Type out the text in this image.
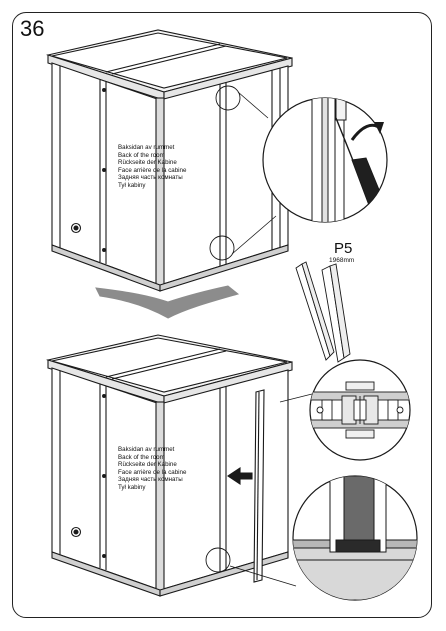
36
Baksidan av rummet
Back of the room
Rückseite der Kabine
Face arrière de la cabine
Задняя часть комнаты
Tył kabiny
Baksidan av rummet
Back of the room
Rückseite der Kabine
Face arrière de la cabine
Задняя часть комнаты
Tył kabiny
P5
1968mm
